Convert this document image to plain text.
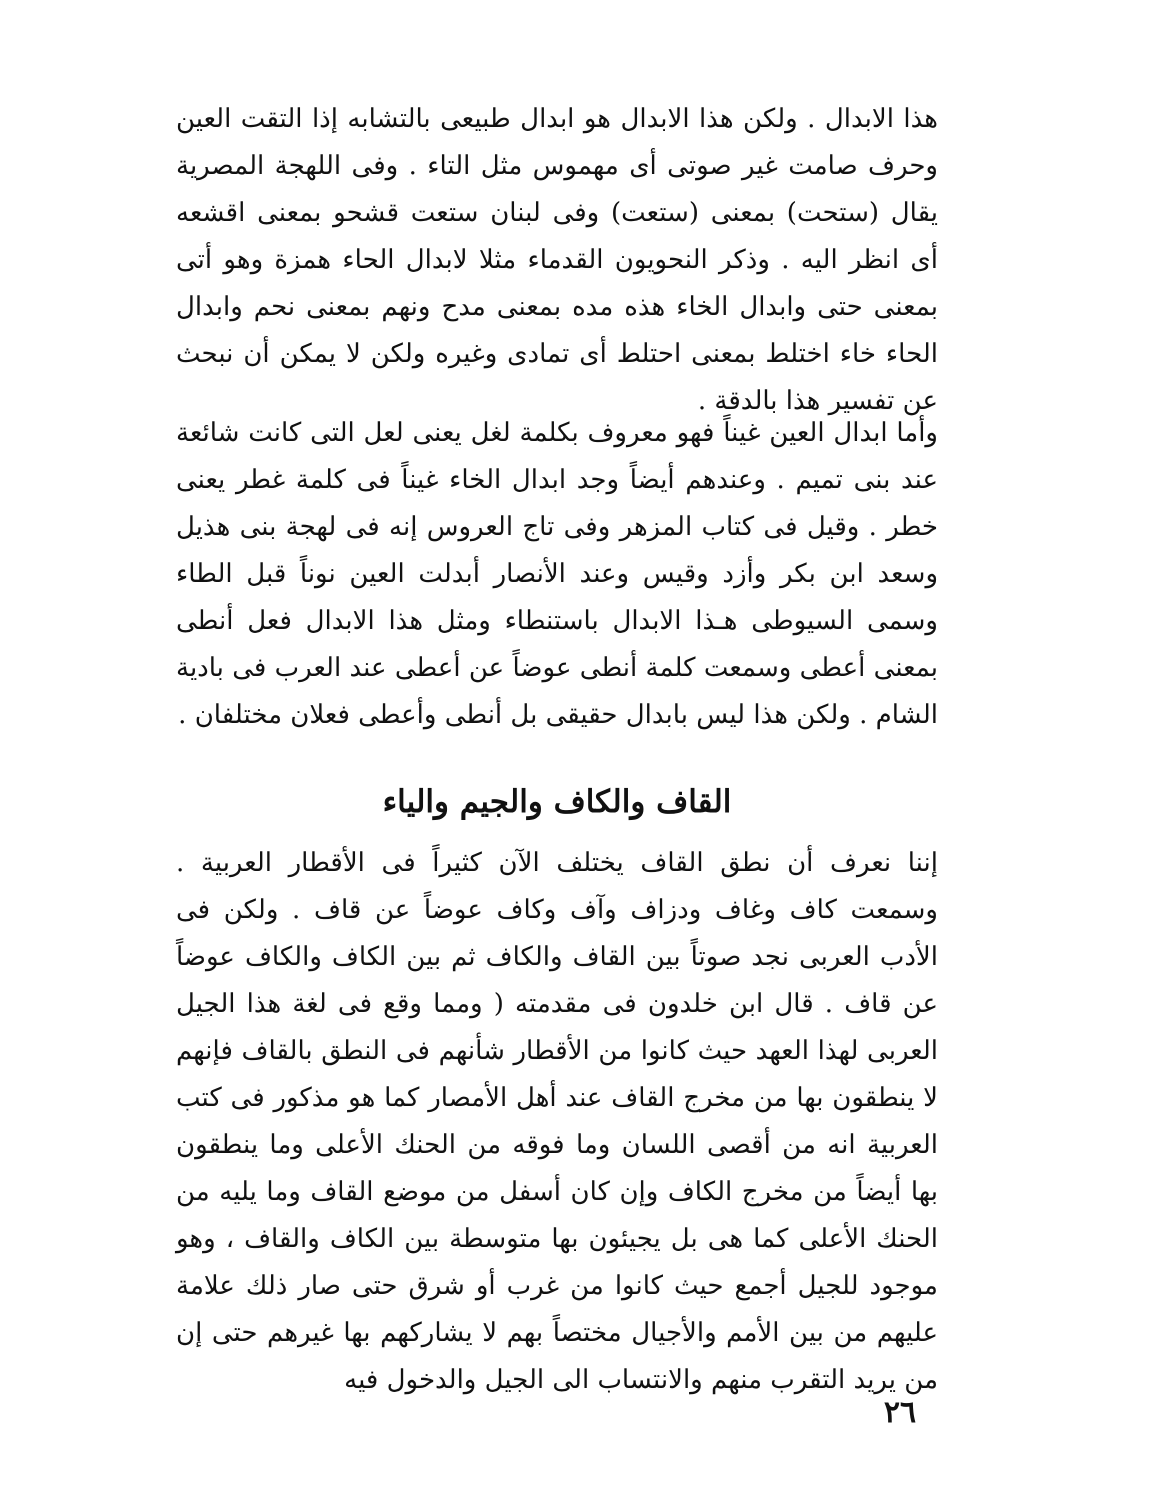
هذا الابدال . ولكن هذا الابدال هو ابدال طبيعى بالتشابه إذا التقت العين وحرف صامت غير صوتى أى مهموس مثل التاء . وفى اللهجة المصرية يقال (ستحت) بمعنى (ستعت) وفى لبنان ستعت قشحو بمعنى اقشعه أى انظر اليه . وذكر النحويون القدماء مثلا لابدال الحاء همزة وهو أتى بمعنى حتى وابدال الخاء هذه مده بمعنى مدح ونهم بمعنى نحم وابدال الحاء خاء اختلط بمعنى احتلط أى تمادى وغيره ولكن لا يمكن أن نبحث عن تفسير هذا بالدقة .

وأما ابدال العين غيناً فهو معروف بكلمة لغل يعنى لعل التى كانت شائعة عند بنى تميم . وعندهم أيضاً وجد ابدال الخاء غيناً فى كلمة غطر يعنى خطر . وقيل فى كتاب المزهر وفى تاج العروس إنه فى لهجة بنى هذيل وسعد ابن بكر وأزد وقيس وعند الأنصار أبدلت العين نوناً قبل الطاء وسمى السيوطى هـذا الابدال باستنطاء ومثل هذا الابدال فعل أنطى بمعنى أعطى وسمعت كلمة أنطى عوضاً عن أعطى عند العرب فى بادية الشام . ولكن هذا ليس بابدال حقيقى بل أنطى وأعطى فعلان مختلفان .

القاف والكاف والجيم والياء

إننا نعرف أن نطق القاف يختلف الآن كثيراً فى الأقطار العربية . وسمعت كاف وغاف ودزاف وآف وكاف عوضاً عن قاف . ولكن فى الأدب العربى نجد صوتاً بين القاف والكاف ثم بين الكاف والكاف عوضاً عن قاف . قال ابن خلدون فى مقدمته ( ومما وقع فى لغة هذا الجيل العربى لهذا العهد حيث كانوا من الأقطار شأنهم فى النطق بالقاف فإنهم لا ينطقون بها من مخرج القاف عند أهل الأمصار كما هو مذكور فى كتب العربية انه من أقصى اللسان وما فوقه من الحنك الأعلى وما ينطقون بها أيضاً من مخرج الكاف وإن كان أسفل من موضع القاف وما يليه من الحنك الأعلى كما هى بل يجيئون بها متوسطة بين الكاف والقاف ، وهو موجود للجيل أجمع حيث كانوا من غرب أو شرق حتى صار ذلك علامة عليهم من بين الأمم والأجيال مختصاً بهم لا يشاركهم بها غيرهم حتى إن من يريد التقرب منهم والانتساب الى الجيل والدخول فيه

٢٦
